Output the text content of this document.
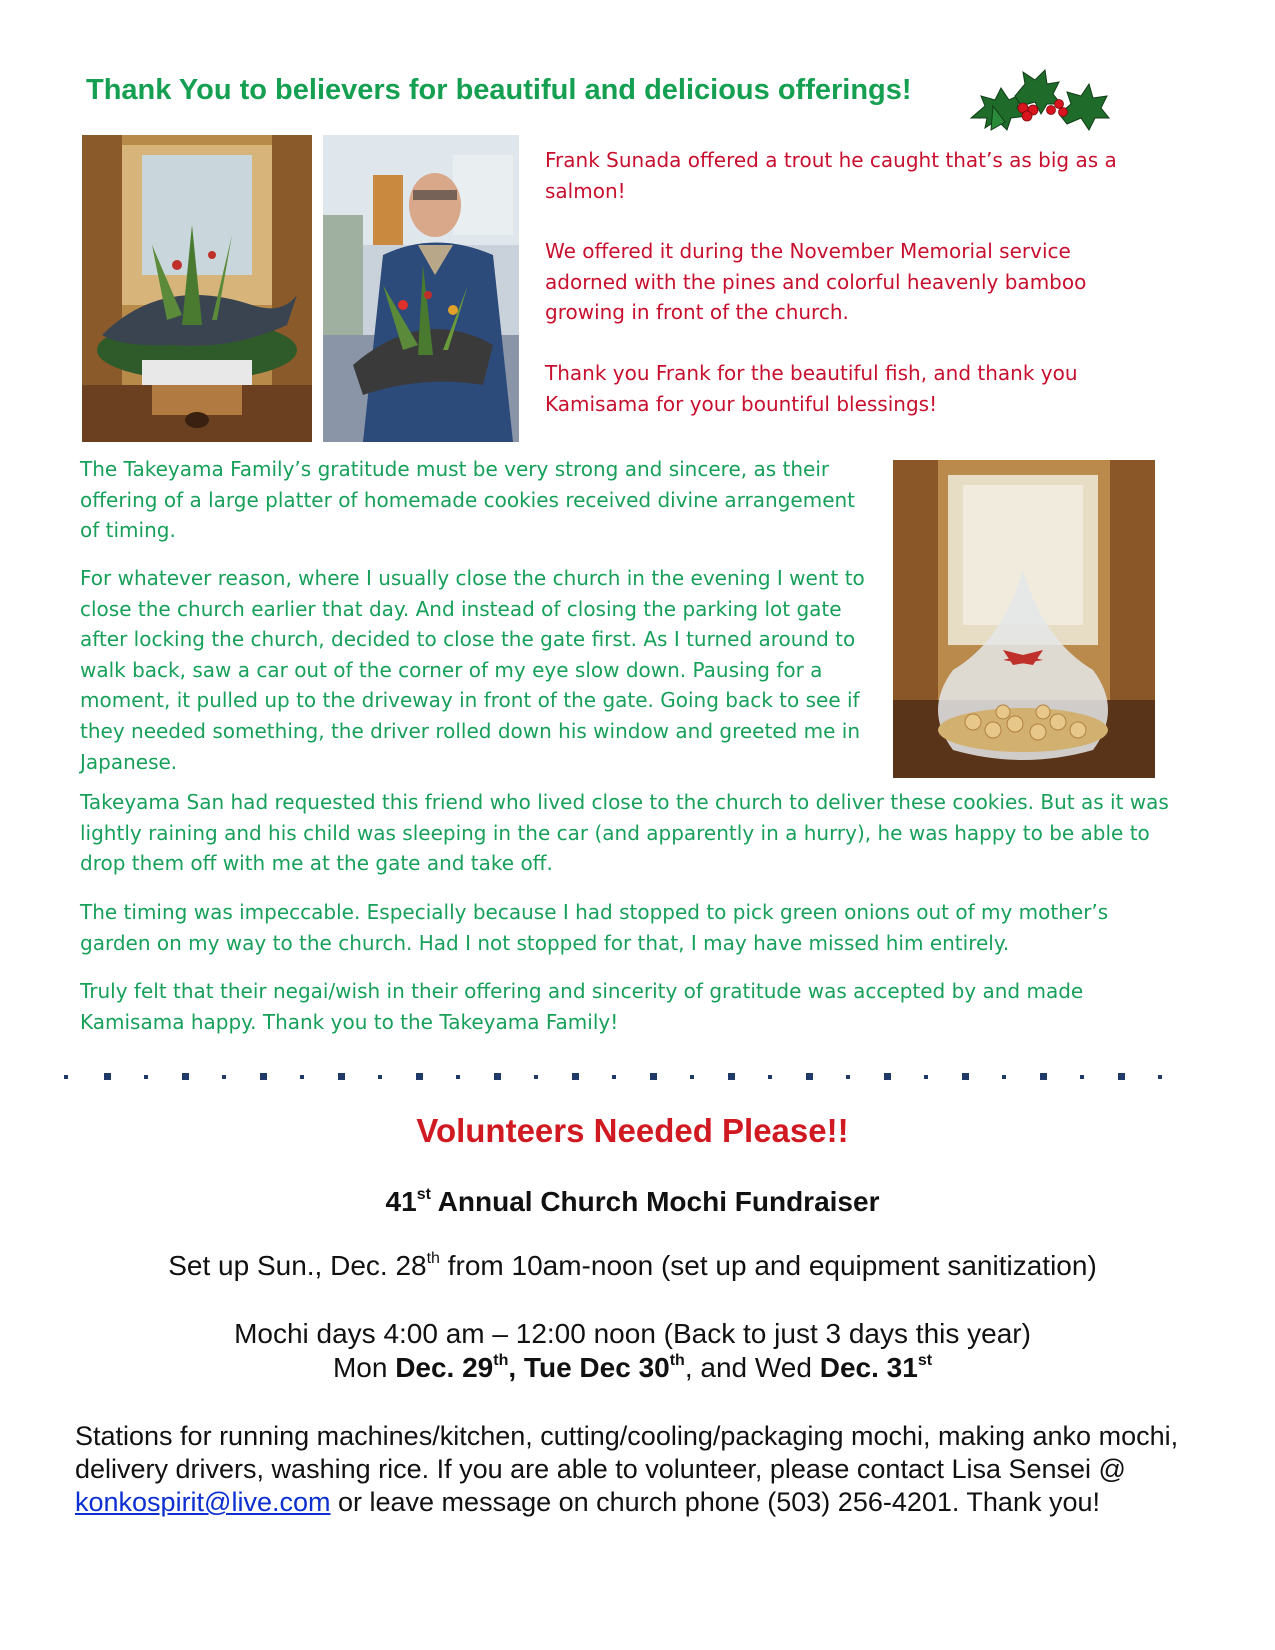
Thank You to believers for beautiful and delicious offerings!

Frank Sunada offered a trout he caught that’s as big as a salmon!

We offered it during the November Memorial service adorned with the pines and colorful heavenly bamboo growing in front of the church.

Thank you Frank for the beautiful fish, and thank you Kamisama for your bountiful blessings!

The Takeyama Family’s gratitude must be very strong and sincere, as their offering of a large platter of homemade cookies received divine arrangement of timing.

For whatever reason, where I usually close the church in the evening I went to close the church earlier that day. And instead of closing the parking lot gate after locking the church, decided to close the gate first. As I turned around to walk back, saw a car out of the corner of my eye slow down. Pausing for a moment, it pulled up to the driveway in front of the gate. Going back to see if they needed something, the driver rolled down his window and greeted me in Japanese.

Takeyama San had requested this friend who lived close to the church to deliver these cookies. But as it was lightly raining and his child was sleeping in the car (and apparently in a hurry), he was happy to be able to drop them off with me at the gate and take off.

The timing was impeccable. Especially because I had stopped to pick green onions out of my mother’s garden on my way to the church. Had I not stopped for that, I may have missed him entirely.

Truly felt that their negai/wish in their offering and sincerity of gratitude was accepted by and made Kamisama happy. Thank you to the Takeyama Family!

Volunteers Needed Please!!
41st Annual Church Mochi Fundraiser
Set up Sun., Dec. 28th from 10am-noon (set up and equipment sanitization)
Mochi days 4:00 am – 12:00 noon (Back to just 3 days this year)
Mon Dec. 29th, Tue Dec 30th, and Wed Dec. 31st

Stations for running machines/kitchen, cutting/cooling/packaging mochi, making anko mochi, delivery drivers, washing rice. If you are able to volunteer, please contact Lisa Sensei @ konkospirit@live.com or leave message on church phone (503) 256-4201. Thank you!
